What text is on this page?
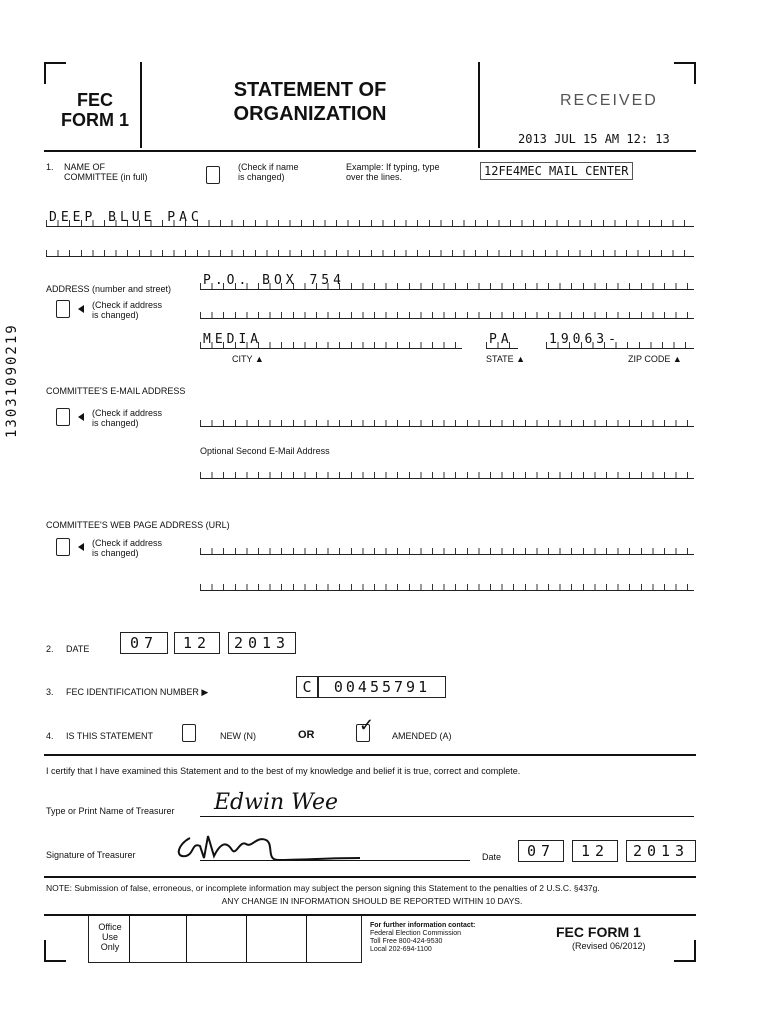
13031090219
FEC
FORM 1
STATEMENT OF
ORGANIZATION
RECEIVED
2013 JUL 15 AM 12: 13
1. NAME OF
COMMITTEE (in full)
(Check if name
is changed)
Example: If typing, type
over the lines.	12FE4MEC MAIL CENTER
DEEP BLUE PAC
ADDRESS (number and street)
(Check if address
is changed)
P.O. BOX 754
MEDIA	PA	19063-
CITY ▲	STATE ▲	ZIP CODE ▲
COMMITTEE'S E-MAIL ADDRESS
(Check if address
is changed)
Optional Second E-Mail Address
COMMITTEE'S WEB PAGE ADDRESS (URL)
(Check if address
is changed)
2. DATE	07	12	2013
3. FEC IDENTIFICATION NUMBER ▶	C	00455791
4. IS THIS STATEMENT	NEW (N)	OR ✓
AMENDED (A)
I certify that I have examined this Statement and to the best of my knowledge and belief it is true, correct and complete.
Type or Print Name of Treasurer Edwin Wee
Signature of Treasurer	Date	07	12	2013
NOTE: Submission of false, erroneous, or incomplete information may subject the person signing this Statement to the penalties of 2 U.S.C. §437g.
ANY CHANGE IN INFORMATION SHOULD BE REPORTED WITHIN 10 DAYS.
Office
Use
Only
For further information contact:
Federal Election Commission
Toll Free 800-424-9530
Local 202-694-1100
FEC FORM 1
(Revised 06/2012)
